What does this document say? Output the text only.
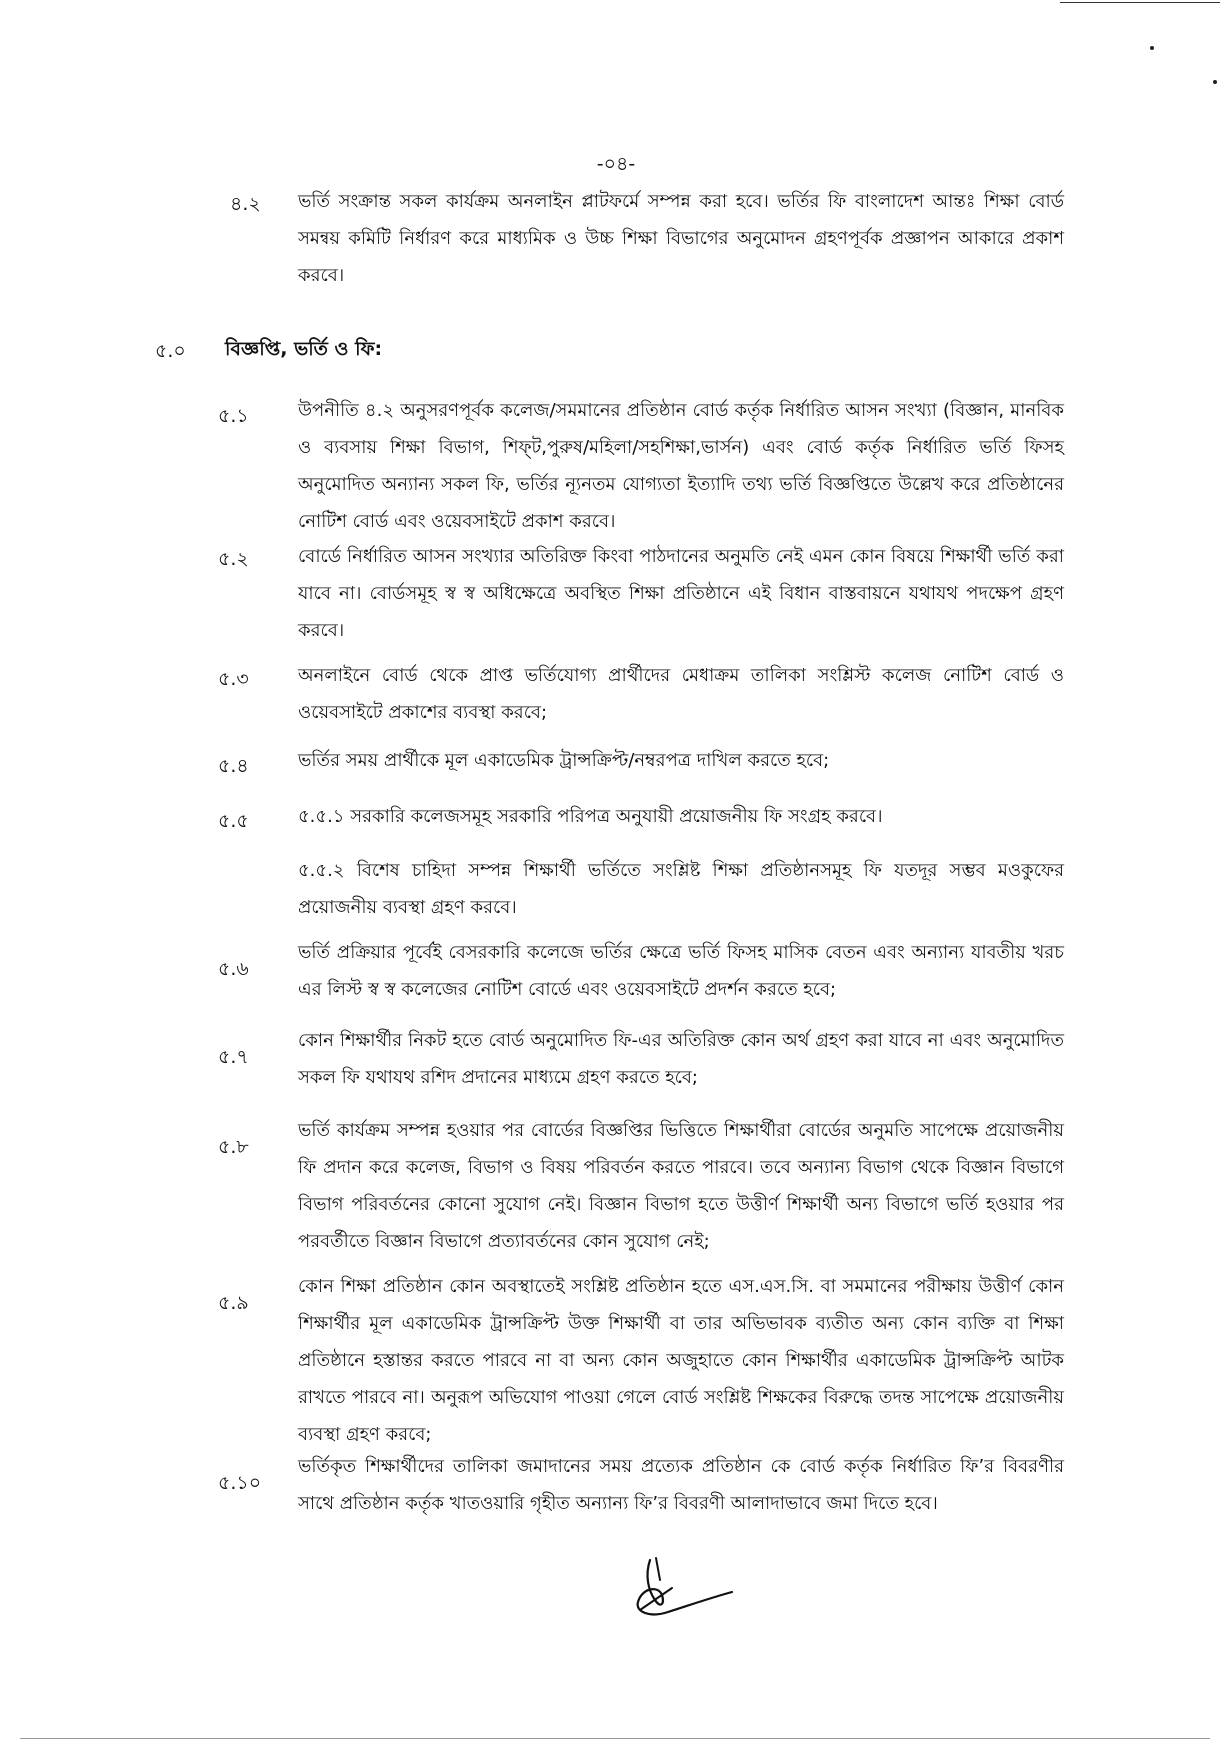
-০৪-
৪.২ ভর্তি সংক্রান্ত সকল কার্যক্রম অনলাইন প্লাটফর্মে সম্পন্ন করা হবে। ভর্তির ফি বাংলাদেশ আন্তঃ শিক্ষা বোর্ড সমন্বয় কমিটি নির্ধারণ করে মাধ্যমিক ও উচ্চ শিক্ষা বিভাগের অনুমোদন গ্রহণপূর্বক প্রজ্ঞাপন আকারে প্রকাশ করবে।
৫.০ বিজ্ঞপ্তি, ভর্তি ও ফি:
৫.১	উপনীতি ৪.২ অনুসরণপূর্বক কলেজ/সমমানের প্রতিষ্ঠান বোর্ড কর্তৃক নির্ধারিত আসন সংখ্যা (বিজ্ঞান, মানবিক ও ব্যবসায় শিক্ষা বিভাগ, শিফ্‌ট,পুরুষ/মহিলা/সহশিক্ষা,ভার্সন) এবং বোর্ড কর্তৃক নির্ধারিত ভর্তি ফিসহ অনুমোদিত অন্যান্য সকল ফি, ভর্তির ন্যূনতম যোগ্যতা ইত্যাদি তথ্য ভর্তি বিজ্ঞপ্তিতে উল্লেখ করে প্রতিষ্ঠানের নোটিশ বোর্ড এবং ওয়েবসাইটে প্রকাশ করবে।
৫.২	বোর্ডে নির্ধারিত আসন সংখ্যার অতিরিক্ত কিংবা পাঠদানের অনুমতি নেই এমন কোন বিষয়ে শিক্ষার্থী ভর্তি করা যাবে না। বোর্ডসমূহ স্ব স্ব অধিক্ষেত্রে অবস্থিত শিক্ষা প্রতিষ্ঠানে এই বিধান বাস্তবায়নে যথাযথ পদক্ষেপ গ্রহণ করবে।
৫.৩	অনলাইনে বোর্ড থেকে প্রাপ্ত ভর্তিযোগ্য প্রার্থীদের মেধাক্রম তালিকা সংশ্লিস্ট কলেজ নোটিশ বোর্ড ও ওয়েবসাইটে প্রকাশের ব্যবস্থা করবে;
৫.৪	ভর্তির সময় প্রার্থীকে মূল একাডেমিক ট্রান্সক্রিপ্ট/নম্বরপত্র দাখিল করতে হবে;
৫.৫	৫.৫.১ সরকারি কলেজসমূহ সরকারি পরিপত্র অনুযায়ী প্রয়োজনীয় ফি সংগ্রহ করবে।
৫.৫.২ বিশেষ চাহিদা সম্পন্ন শিক্ষার্থী ভর্তিতে সংশ্লিষ্ট শিক্ষা প্রতিষ্ঠানসমূহ ফি যতদূর সম্ভব মওকুফের প্রয়োজনীয় ব্যবস্থা গ্রহণ করবে।
৫.৬
ভর্তি প্রক্রিয়ার পূর্বেই বেসরকারি কলেজে ভর্তির ক্ষেত্রে ভর্তি ফিসহ মাসিক বেতন এবং অন্যান্য যাবতীয় খরচ এর লিস্ট স্ব স্ব কলেজের নোটিশ বোর্ডে এবং ওয়েবসাইটে প্রদর্শন করতে হবে;
৫.৭
কোন শিক্ষার্থীর নিকট হতে বোর্ড অনুমোদিত ফি-এর অতিরিক্ত কোন অর্থ গ্রহণ করা যাবে না এবং অনুমোদিত সকল ফি যথাযথ রশিদ প্রদানের মাধ্যমে গ্রহণ করতে হবে;
৫.৮
ভর্তি কার্যক্রম সম্পন্ন হওয়ার পর বোর্ডের বিজ্ঞপ্তির ভিত্তিতে শিক্ষার্থীরা বোর্ডের অনুমতি সাপেক্ষে প্রয়োজনীয় ফি প্রদান করে কলেজ, বিভাগ ও বিষয় পরিবর্তন করতে পারবে। তবে অন্যান্য বিভাগ থেকে বিজ্ঞান বিভাগে বিভাগ পরিবর্তনের কোনো সুযোগ নেই। বিজ্ঞান বিভাগ হতে উত্তীর্ণ শিক্ষার্থী অন্য বিভাগে ভর্তি হওয়ার পর পরবর্তীতে বিজ্ঞান বিভাগে প্রত্যাবর্তনের কোন সুযোগ নেই;
৫.৯
কোন শিক্ষা প্রতিষ্ঠান কোন অবস্থাতেই সংশ্লিষ্ট প্রতিষ্ঠান হতে এস.এস.সি. বা সমমানের পরীক্ষায় উত্তীর্ণ কোন শিক্ষার্থীর মূল একাডেমিক ট্রান্সক্রিপ্ট উক্ত শিক্ষার্থী বা তার অভিভাবক ব্যতীত অন্য কোন ব্যক্তি বা শিক্ষা প্রতিষ্ঠানে হস্তান্তর করতে পারবে না বা অন্য কোন অজুহাতে কোন শিক্ষার্থীর একাডেমিক ট্রান্সক্রিপ্ট আটক রাখতে পারবে না। অনুরূপ অভিযোগ পাওয়া গেলে বোর্ড সংশ্লিষ্ট শিক্ষকের বিরুদ্ধে তদন্ত সাপেক্ষে প্রয়োজনীয় ব্যবস্থা গ্রহণ করবে;
৫.১০
ভর্তিকৃত শিক্ষার্থীদের তালিকা জমাদানের সময় প্রত্যেক প্রতিষ্ঠান কে বোর্ড কর্তৃক নির্ধারিত ফি’র বিবরণীর সাথে প্রতিষ্ঠান কর্তৃক খাতওয়ারি গৃহীত অন্যান্য ফি’র বিবরণী আলাদাভাবে জমা দিতে হবে।
